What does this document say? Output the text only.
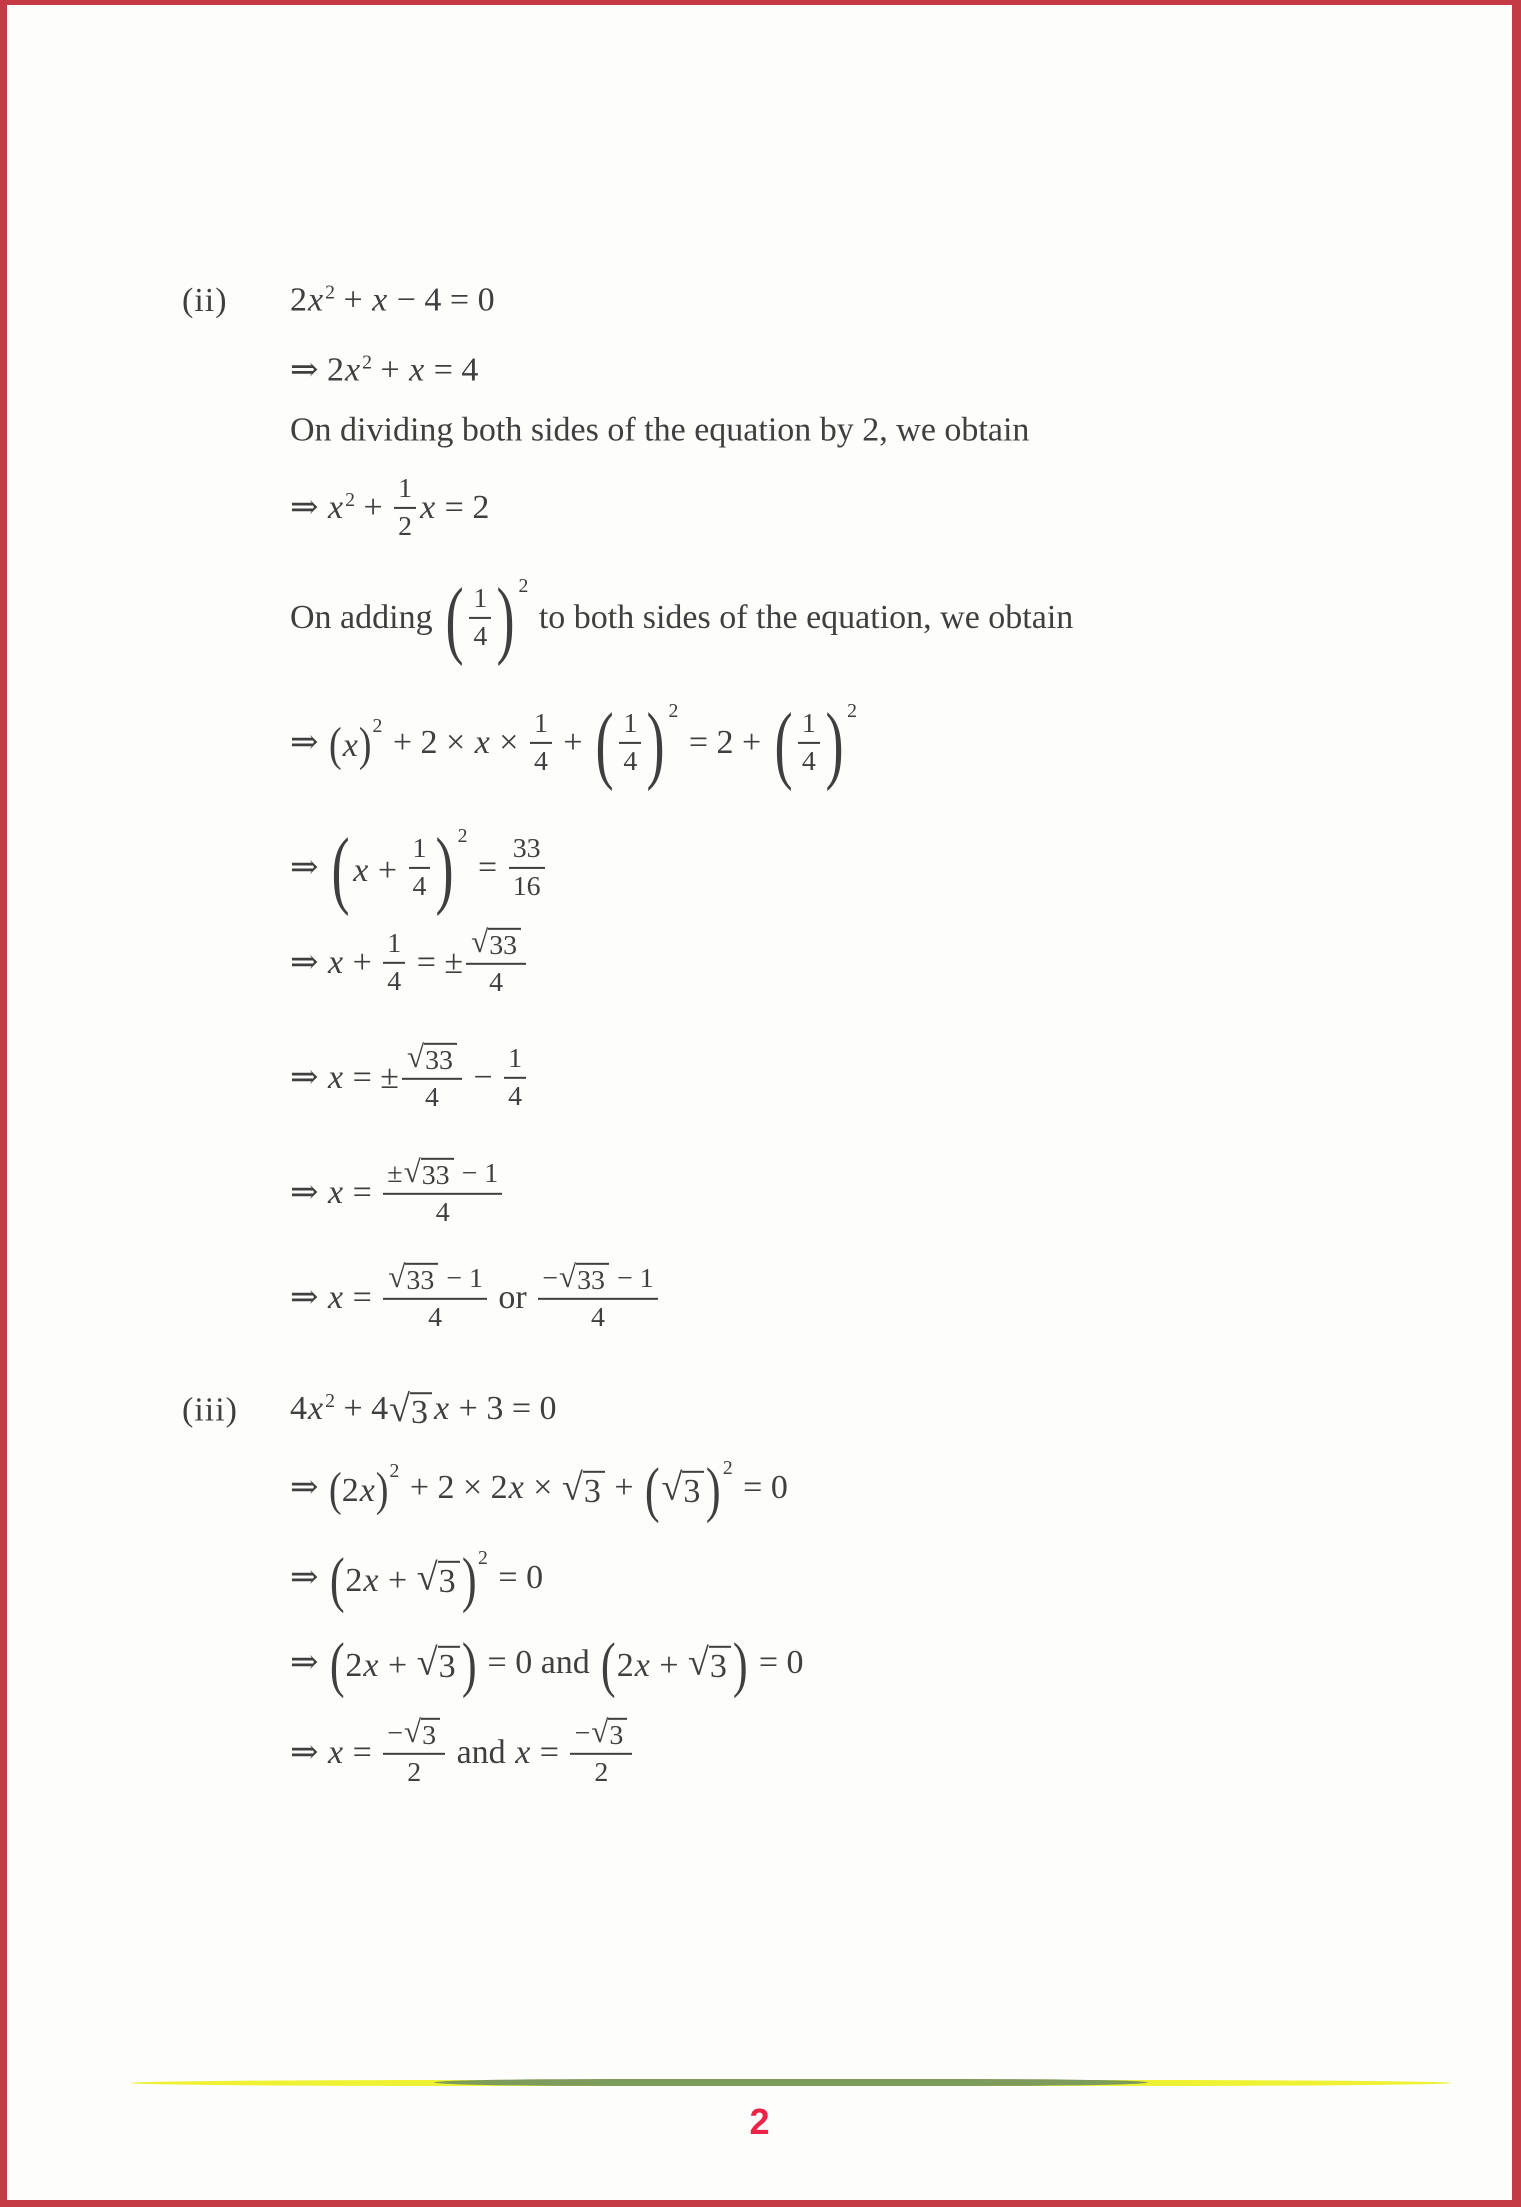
(ii) 2x 2 + x − 4 = 0
⇒ 2x 2 + x = 4
On dividing both sides of the equation by 2, we obtain
⇒ x $2 + \frac{1}{2}$ x = 2
On adding ( $\frac{1}{4}$ ) 2
to both sides of the equation, we obtain
⇒ ( x ) $2 + 2 \times x \times \frac{1}{4}$ + ( $\frac{1}{4}$ ) 2
= 2 + ( $\frac{1}{4}$ ) 2
⇒ ( $x + \frac{1}{4}$ ) 2
= $\frac{33}{16}$
⇒ $x + \frac{1}{4}$ = ± $\frac{√ 33}{4}$
⇒ x = ± $\frac{√ 33}{4} - \frac{1}{4}$
⇒ $x = \frac{\pm √ 33 - 1}{4}$
⇒ $x = \frac{√ 33 - 1}{4}$ or $\frac{- √ 33 - 1}{4}$
(iii) 4x 2 + 4 √ 3 x + 3 = 0
⇒ ( 2 x ) 2 + 2 × 2x × √ 3 + ( √ 3 ) 2
= 0
⇒ ( 2 x + √ 3 ) 2
= 0
⇒ ( 2 x + √ 3 ) = 0 and ( 2 x + √ 3 ) = 0
⇒ $x = \frac{- √ 3}{2}$ and $x = \frac{- √ 3}{2}$
2
